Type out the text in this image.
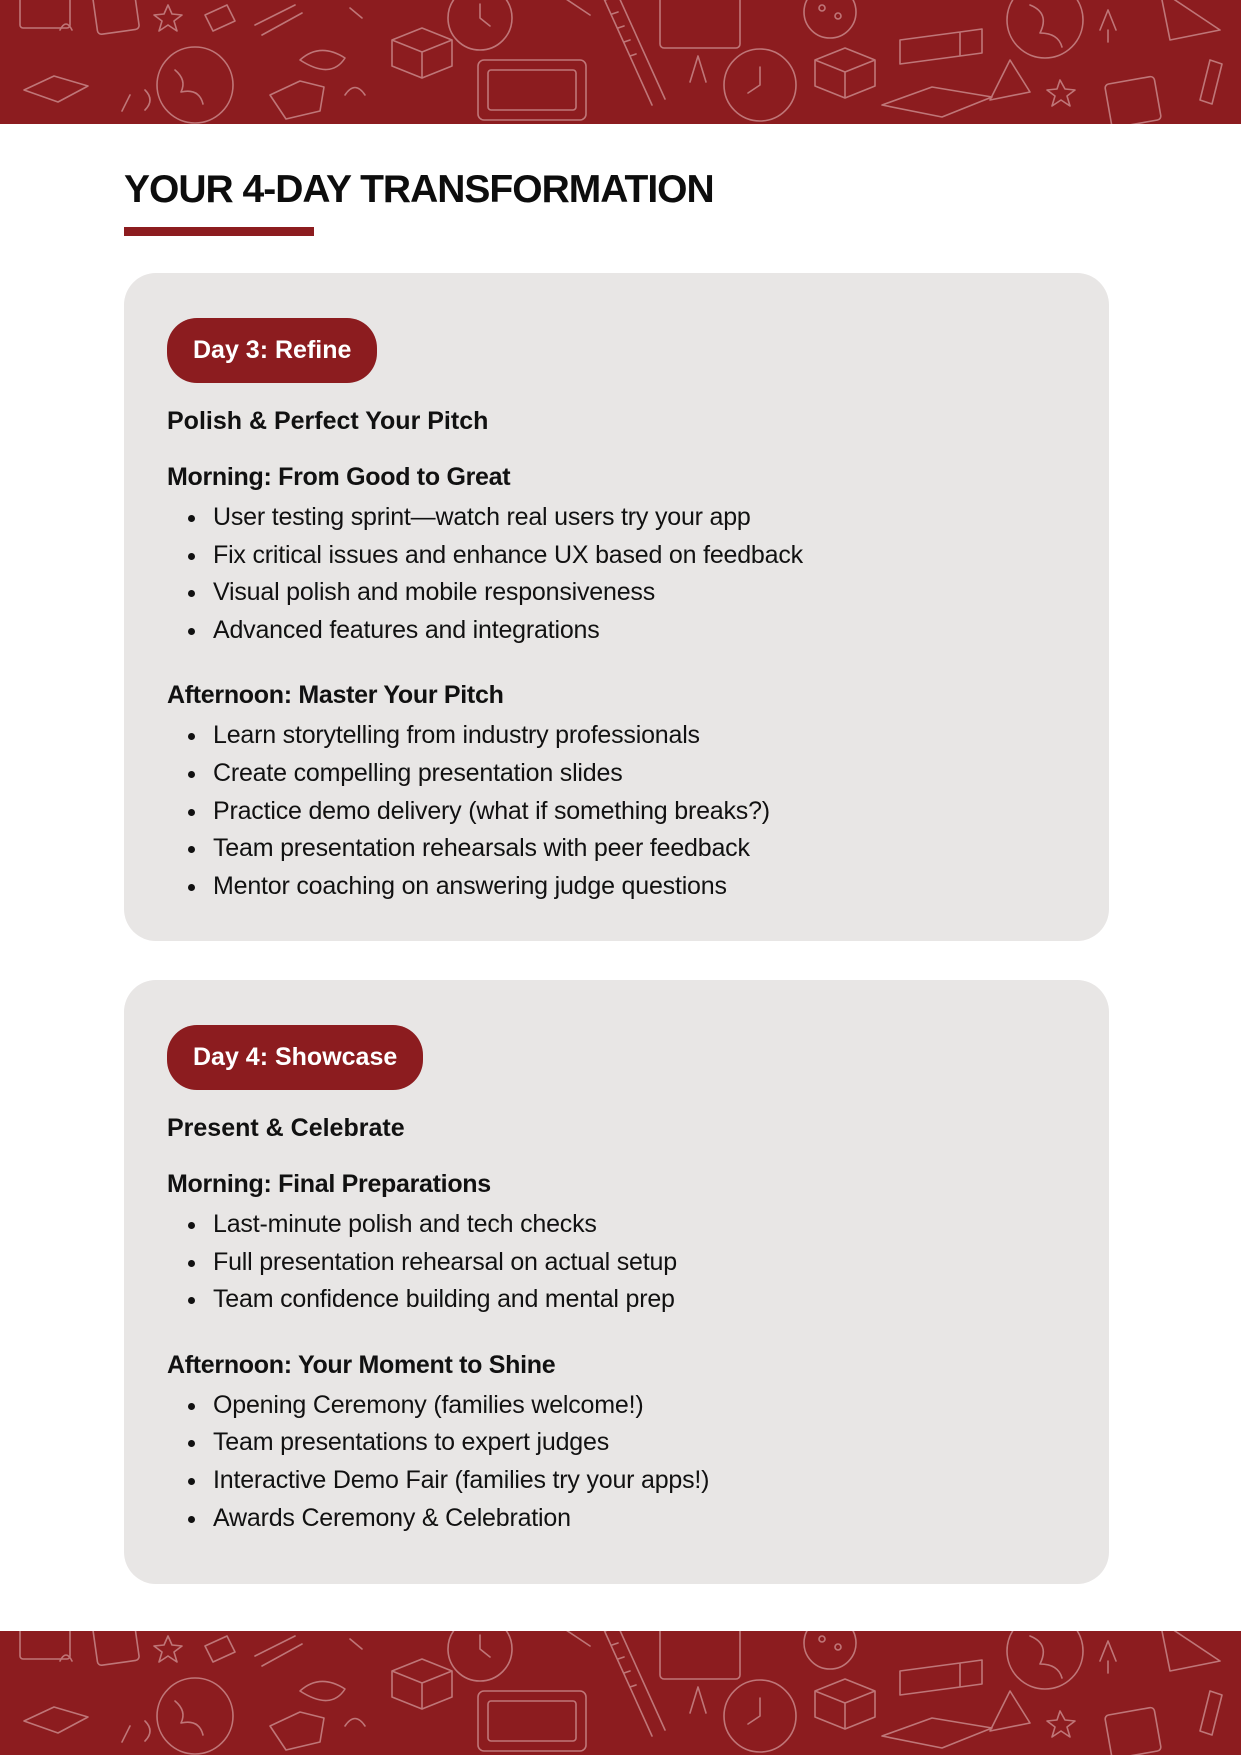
YOUR 4-DAY TRANSFORMATION
Day 3: Refine
Polish & Perfect Your Pitch
Morning: From Good to Great
User testing sprint—watch real users try your app
Fix critical issues and enhance UX based on feedback
Visual polish and mobile responsiveness
Advanced features and integrations
Afternoon: Master Your Pitch
Learn storytelling from industry professionals
Create compelling presentation slides
Practice demo delivery (what if something breaks?)
Team presentation rehearsals with peer feedback
Mentor coaching on answering judge questions
Day 4: Showcase
Present & Celebrate
Morning: Final Preparations
Last-minute polish and tech checks
Full presentation rehearsal on actual setup
Team confidence building and mental prep
Afternoon: Your Moment to Shine
Opening Ceremony (families welcome!)
Team presentations to expert judges
Interactive Demo Fair (families try your apps!)
Awards Ceremony & Celebration
